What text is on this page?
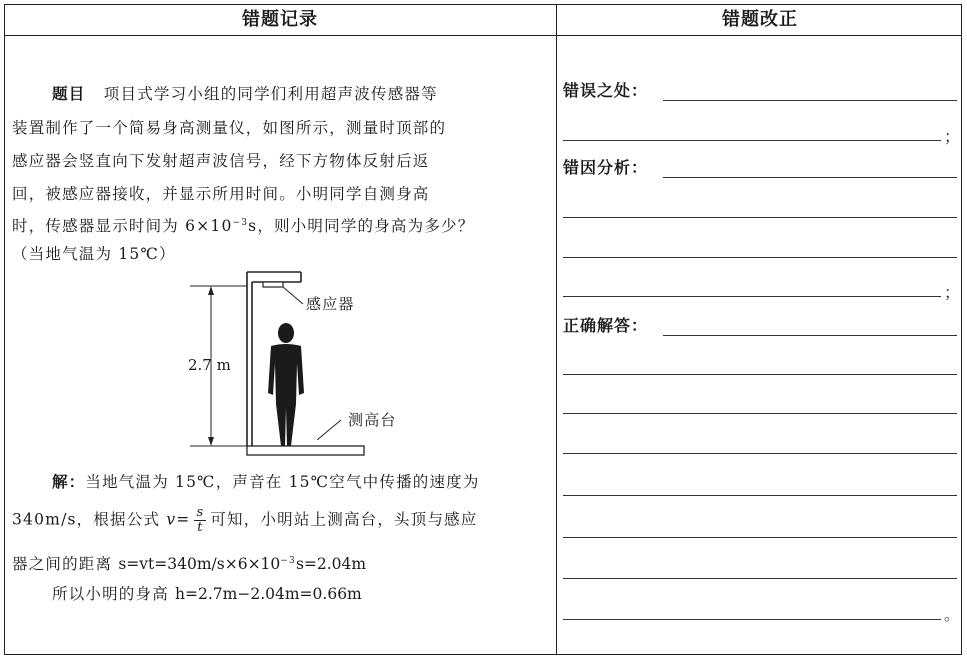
错题记录	错题改正
题目 项目式学习小组的同学们利用超声波传感器等
装置制作了一个简易身高测量仪，如图所示，测量时顶部的
感应器会竖直向下发射超声波信号，经下方物体反射后返
回，被感应器接收，并显示所用时间。小明同学自测身高
时，传感器显示时间为 $6\times 10^{-3}s$，则小明同学的身高为多少？
（当地气温为 15℃）
感应器
2.7 m
测高台
解：当地气温为 15℃，声音在 15℃空气中传播的速度为
340m/s，根据公式 $v= \frac{s}{t}$ 可知，小明站上测高台，头顶与感应
器之间的距离 $s=vt=340m/s\times 6\times 10^{-3}s=2.04m$
所以小明的身高 h=2.7m−2.04m=0.66m
错误之处：
；
错因分析：
；
正确解答：
。
